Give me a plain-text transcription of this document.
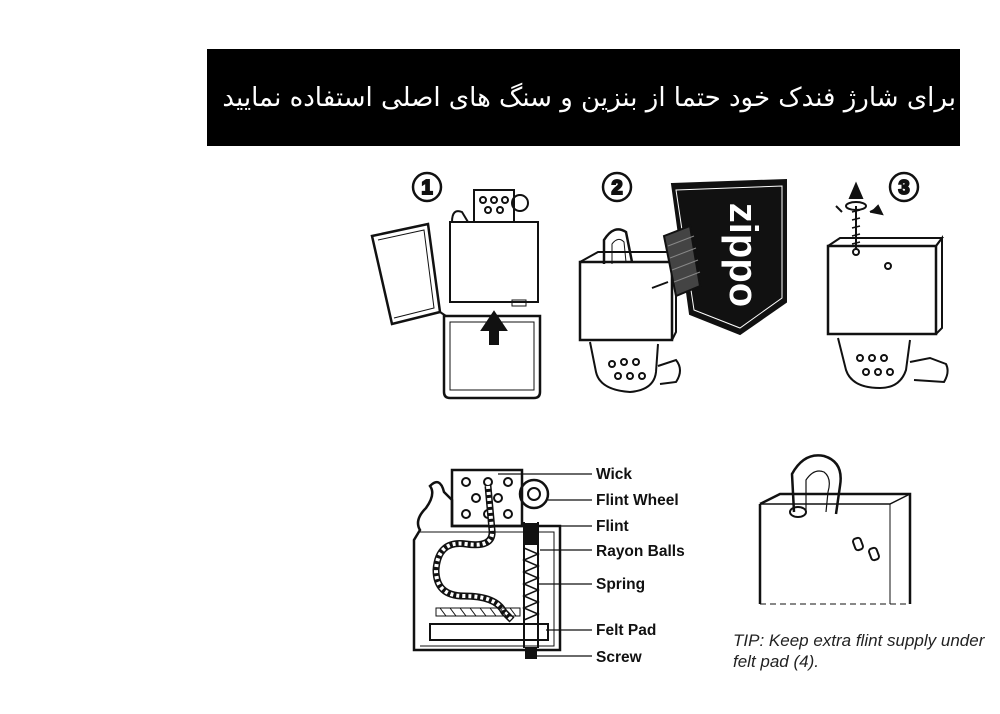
برای شارژ فندک خود حتما از بنزین و سنگ های اصلی استفاده نمایید
1	2
zippo
3
Wick
Flint Wheel
Flint
Rayon Balls
Spring
Felt Pad
Screw
TIP: Keep extra flint supply under felt pad (4).
